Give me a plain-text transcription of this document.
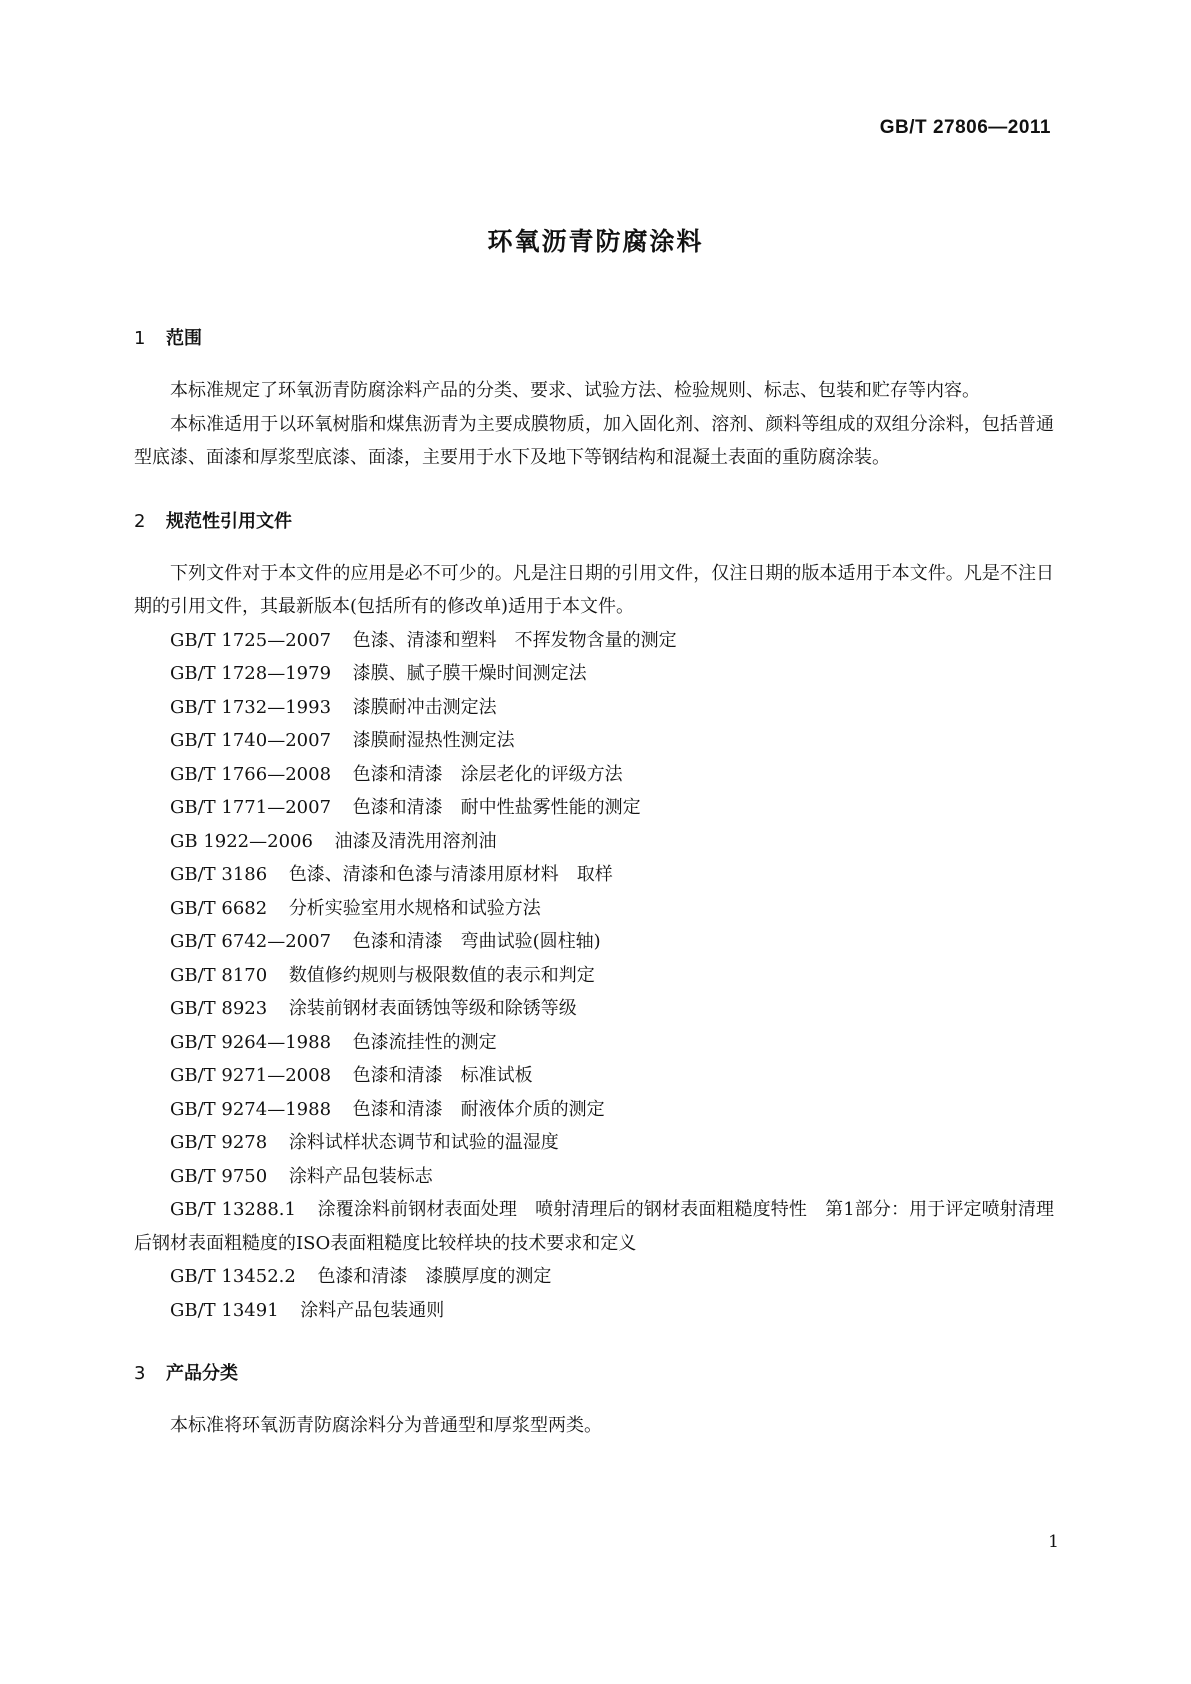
GB/T 27806—2011
环氧沥青防腐涂料
1 范围

本标准规定了环氧沥青防腐涂料产品的分类、要求、试验方法、检验规则、标志、包装和贮存等内容。

本标准适用于以环氧树脂和煤焦沥青为主要成膜物质，加入固化剂、溶剂、颜料等组成的双组分涂料，包括普通型底漆、面漆和厚浆型底漆、面漆，主要用于水下及地下等钢结构和混凝土表面的重防腐涂装。

2 规范性引用文件

下列文件对于本文件的应用是必不可少的。凡是注日期的引用文件，仅注日期的版本适用于本文件。凡是不注日期的引用文件，其最新版本(包括所有的修改单)适用于本文件。

GB/T 1725—2007 色漆、清漆和塑料　不挥发物含量的测定
GB/T 1728—1979 漆膜、腻子膜干燥时间测定法
GB/T 1732—1993 漆膜耐冲击测定法
GB/T 1740—2007 漆膜耐湿热性测定法
GB/T 1766—2008 色漆和清漆　涂层老化的评级方法
GB/T 1771—2007 色漆和清漆　耐中性盐雾性能的测定
GB 1922—2006 油漆及清洗用溶剂油
GB/T 3186 色漆、清漆和色漆与清漆用原材料　取样
GB/T 6682 分析实验室用水规格和试验方法
GB/T 6742—2007 色漆和清漆　弯曲试验(圆柱轴)
GB/T 8170 数值修约规则与极限数值的表示和判定
GB/T 8923 涂装前钢材表面锈蚀等级和除锈等级
GB/T 9264—1988 色漆流挂性的测定
GB/T 9271—2008 色漆和清漆　标准试板
GB/T 9274—1988 色漆和清漆　耐液体介质的测定
GB/T 9278 涂料试样状态调节和试验的温湿度
GB/T 9750 涂料产品包装标志
GB/T 13288.1 涂覆涂料前钢材表面处理　喷射清理后的钢材表面粗糙度特性　第1部分：用于评定喷射清理后钢材表面粗糙度的ISO表面粗糙度比较样块的技术要求和定义
GB/T 13452.2 色漆和清漆　漆膜厚度的测定
GB/T 13491 涂料产品包装通则
3 产品分类

本标准将环氧沥青防腐涂料分为普通型和厚浆型两类。

1
